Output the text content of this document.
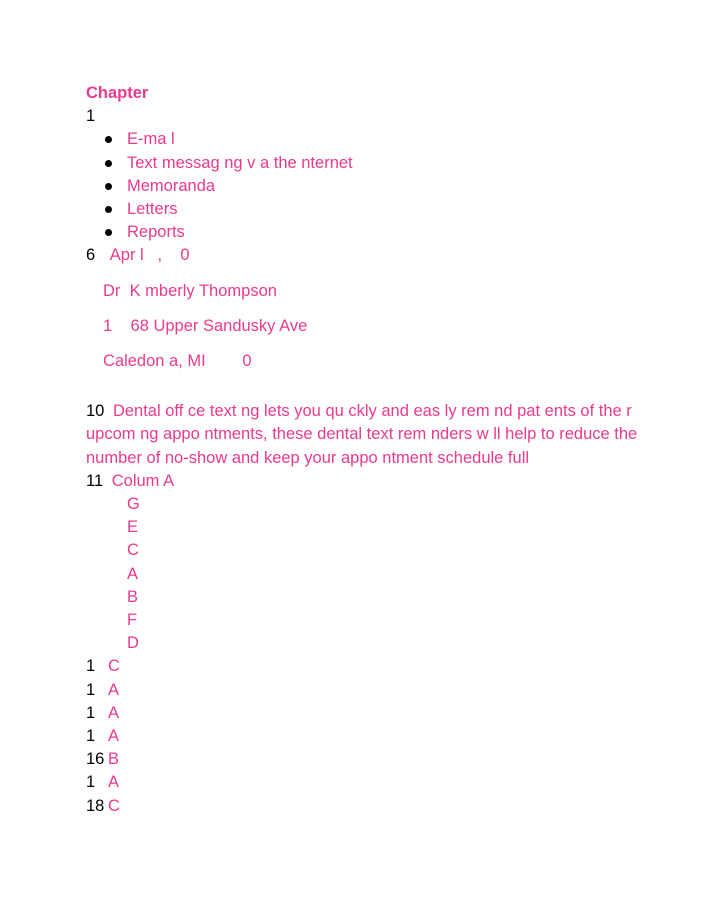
Chapter
1
E-ma l
Text messag ng v a the nternet
Memoranda
Letters
Reports
6 Apr l   ,    0
Dr  K mberly Thompson
1    68 Upper Sandusky Ave
Caledon a, MI        0
10 Dental off ce text ng lets you qu ckly and eas ly rem nd pat ents of the r upcom ng appo ntments, these dental text rem nders w ll help to reduce the number of no-show and keep your appo ntment schedule full
11 Colum A
G
E
C
A
B
F
D
1 C
1 A
1 A
1 A
16 B
1 A
18 C
